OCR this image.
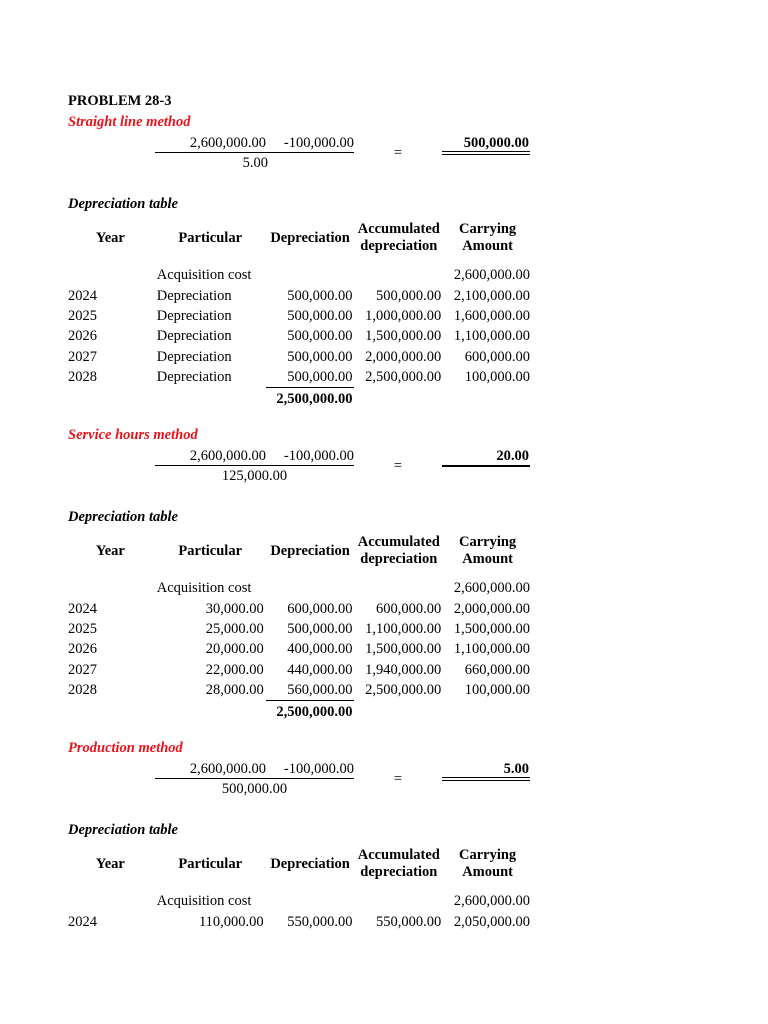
PROBLEM 28-3
Straight line method
2,600,000.00	-100,000.00
5.00
=
500,000.00
Depreciation table
Year	Particular	Depreciation	Accumulated depreciation	Carrying Amount

	Acquisition cost			2,600,000.00
2024	Depreciation	500,000.00	500,000.00	2,100,000.00
2025	Depreciation	500,000.00	1,000,000.00	1,600,000.00
2026	Depreciation	500,000.00	1,500,000.00	1,100,000.00
2027	Depreciation	500,000.00	2,000,000.00	600,000.00
2028	Depreciation	500,000.00	2,500,000.00	100,000.00
		2,500,000.00		
Service hours method
2,600,000.00	-100,000.00
125,000.00
=
20.00
Depreciation table
Year	Particular	Depreciation	Accumulated depreciation	Carrying Amount

	Acquisition cost			2,600,000.00
2024	30,000.00	600,000.00	600,000.00	2,000,000.00
2025	25,000.00	500,000.00	1,100,000.00	1,500,000.00
2026	20,000.00	400,000.00	1,500,000.00	1,100,000.00
2027	22,000.00	440,000.00	1,940,000.00	660,000.00
2028	28,000.00	560,000.00	2,500,000.00	100,000.00
		2,500,000.00		
Production method
2,600,000.00	-100,000.00
500,000.00
=
5.00
Depreciation table
Year	Particular	Depreciation	Accumulated depreciation	Carrying Amount

	Acquisition cost			2,600,000.00
2024	110,000.00	550,000.00	550,000.00	2,050,000.00
